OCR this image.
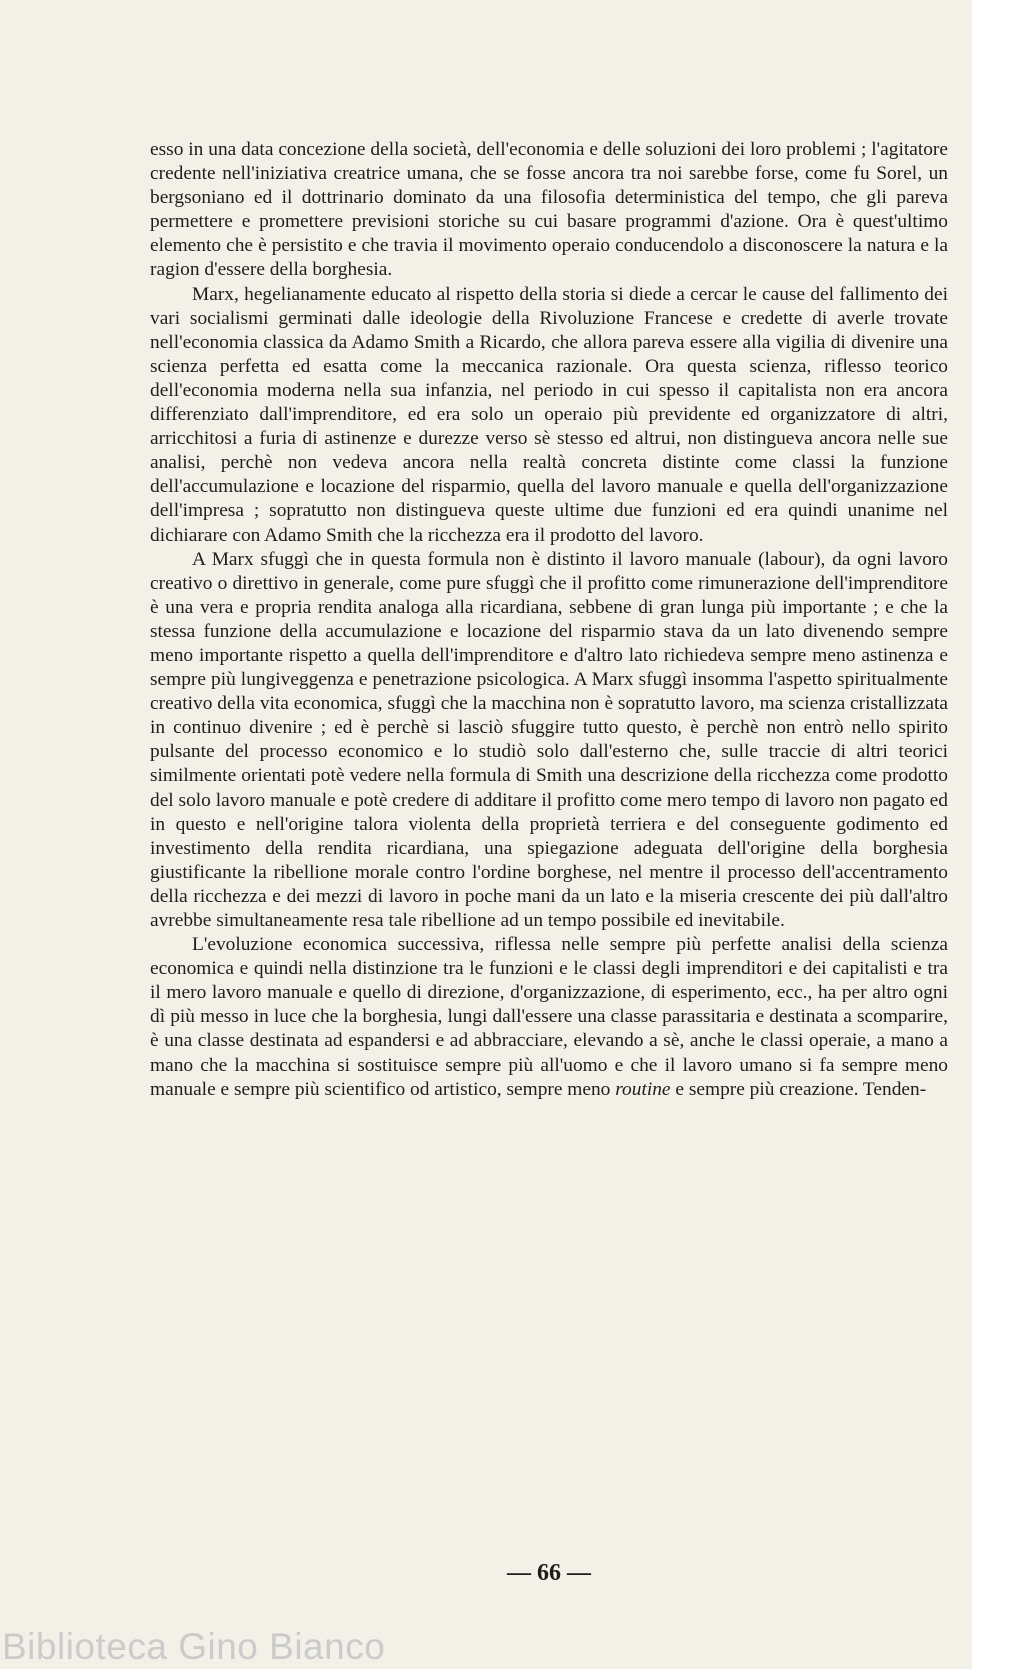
esso in una data concezione della società, dell'economia e delle soluzioni dei loro problemi ; l'agitatore credente nell'iniziativa creatrice umana, che se fosse ancora tra noi sarebbe forse, come fu Sorel, un bergsoniano ed il dottrinario dominato da una filosofia deterministica del tempo, che gli pareva permettere e promettere previsioni storiche su cui basare programmi d'azione. Ora è quest'ultimo elemento che è persistito e che travia il movimento operaio conducendolo a disconoscere la natura e la ragion d'essere della borghesia.

Marx, hegelianamente educato al rispetto della storia si diede a cercar le cause del fallimento dei vari socialismi germinati dalle ideologie della Rivoluzione Francese e credette di averle trovate nell'economia classica da Adamo Smith a Ricardo, che allora pareva essere alla vigilia di divenire una scienza perfetta ed esatta come la meccanica razionale. Ora questa scienza, riflesso teorico dell'economia moderna nella sua infanzia, nel periodo in cui spesso il capitalista non era ancora differenziato dall'imprenditore, ed era solo un operaio più previdente ed organizzatore di altri, arricchitosi a furia di astinenze e durezze verso sè stesso ed altrui, non distingueva ancora nelle sue analisi, perchè non vedeva ancora nella realtà concreta distinte come classi la funzione dell'accumulazione e locazione del risparmio, quella del lavoro manuale e quella dell'organizzazione dell'impresa ; sopratutto non distingueva queste ultime due funzioni ed era quindi unanime nel dichiarare con Adamo Smith che la ricchezza era il prodotto del lavoro.

A Marx sfuggì che in questa formula non è distinto il lavoro manuale (labour), da ogni lavoro creativo o direttivo in generale, come pure sfuggì che il profitto come rimunerazione dell'imprenditore è una vera e propria rendita analoga alla ricardiana, sebbene di gran lunga più importante ; e che la stessa funzione della accumulazione e locazione del risparmio stava da un lato divenendo sempre meno importante rispetto a quella dell'imprenditore e d'altro lato richiedeva sempre meno astinenza e sempre più lungiveggenza e penetrazione psicologica. A Marx sfuggì insomma l'aspetto spiritualmente creativo della vita economica, sfuggì che la macchina non è sopratutto lavoro, ma scienza cristallizzata in continuo divenire ; ed è perchè si lasciò sfuggire tutto questo, è perchè non entrò nello spirito pulsante del processo economico e lo studiò solo dall'esterno che, sulle traccie di altri teorici similmente orientati potè vedere nella formula di Smith una descrizione della ricchezza come prodotto del solo lavoro manuale e potè credere di additare il profitto come mero tempo di lavoro non pagato ed in questo e nell'origine talora violenta della proprietà terriera e del conseguente godimento ed investimento della rendita ricardiana, una spiegazione adeguata dell'origine della borghesia giustificante la ribellione morale contro l'ordine borghese, nel mentre il processo dell'accentramento della ricchezza e dei mezzi di lavoro in poche mani da un lato e la miseria crescente dei più dall'altro avrebbe simultaneamente resa tale ribellione ad un tempo possibile ed inevitabile.

L'evoluzione economica successiva, riflessa nelle sempre più perfette analisi della scienza economica e quindi nella distinzione tra le funzioni e le classi degli imprenditori e dei capitalisti e tra il mero lavoro manuale e quello di direzione, d'organizzazione, di esperimento, ecc., ha per altro ogni dì più messo in luce che la borghesia, lungi dall'essere una classe parassitaria e destinata a scomparire, è una classe destinata ad espandersi e ad abbracciare, elevando a sè, anche le classi operaie, a mano a mano che la macchina si sostituisce sempre più all'uomo e che il lavoro umano si fa sempre meno manuale e sempre più scientifico od artistico, sempre meno routine e sempre più creazione. Tenden-

— 66 —
Biblioteca Gino Bianco
